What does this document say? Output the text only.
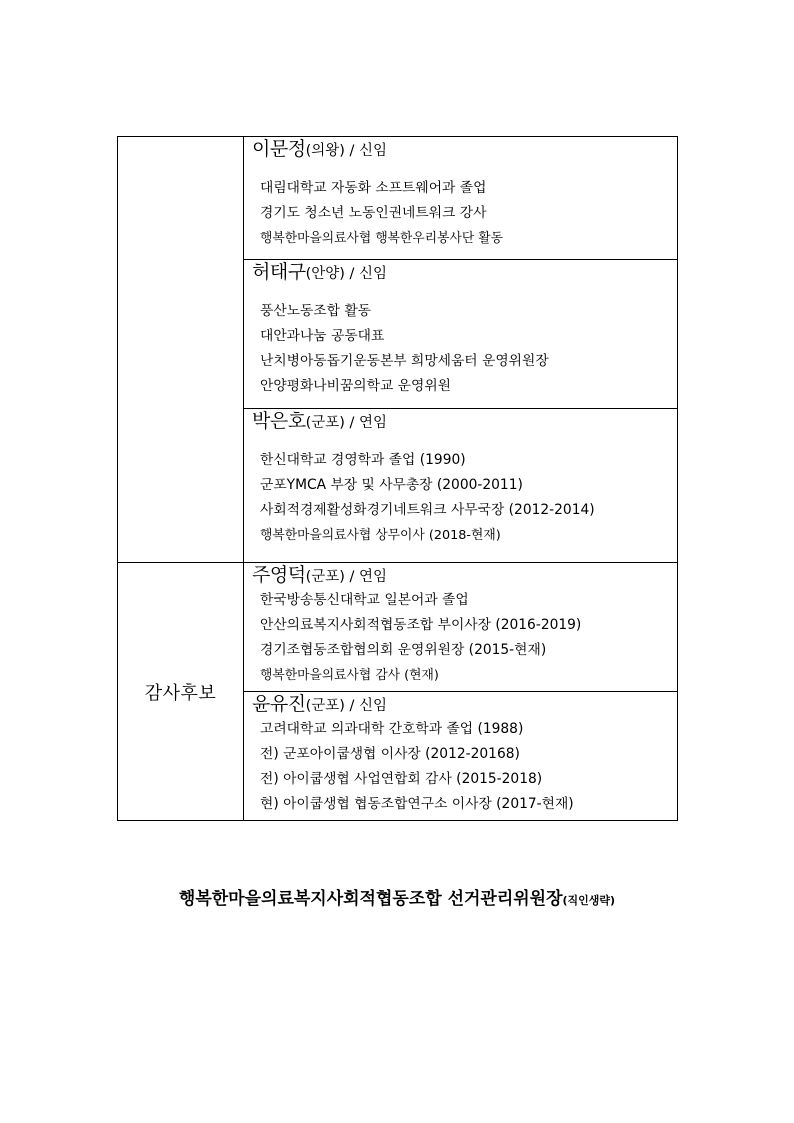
	이문정(의왕) / 신임
대림대학교 자동화 소프트웨어과 졸업
경기도 청소년 노동인권네트워크 강사
행복한마을의료사협 행복한우리봉사단 활동

	허태구(안양) / 신임
풍산노동조합 활동
대안과나눔 공동대표
난치병아동돕기운동본부 희망세움터 운영위원장
안양평화나비꿈의학교 운영위원

	박은호(군포) / 연임
한신대학교 경영학과 졸업 (1990)
군포YMCA 부장 및 사무총장 (2000-2011)
사회적경제활성화경기네트워크 사무국장 (2012-2014)
행복한마을의료사협 상무이사 (2018-현재)

감사후보	주영덕(군포) / 연임
한국방송통신대학교 일본어과 졸업
안산의료복지사회적협동조합 부이사장 (2016-2019)
경기조협동조합협의회 운영위원장 (2015-현재)
행복한마을의료사협 감사 (현재)

	윤유진(군포) / 신임
고려대학교 의과대학 간호학과 졸업 (1988)
전) 군포아이쿱생협 이사장 (2012-20168)
전) 아이쿱생협 사업연합회 감사 (2015-2018)
현) 아이쿱생협 협동조합연구소 이사장 (2017-현재)
행복한마을의료복지사회적협동조합 선거관리위원장(직인생략)
